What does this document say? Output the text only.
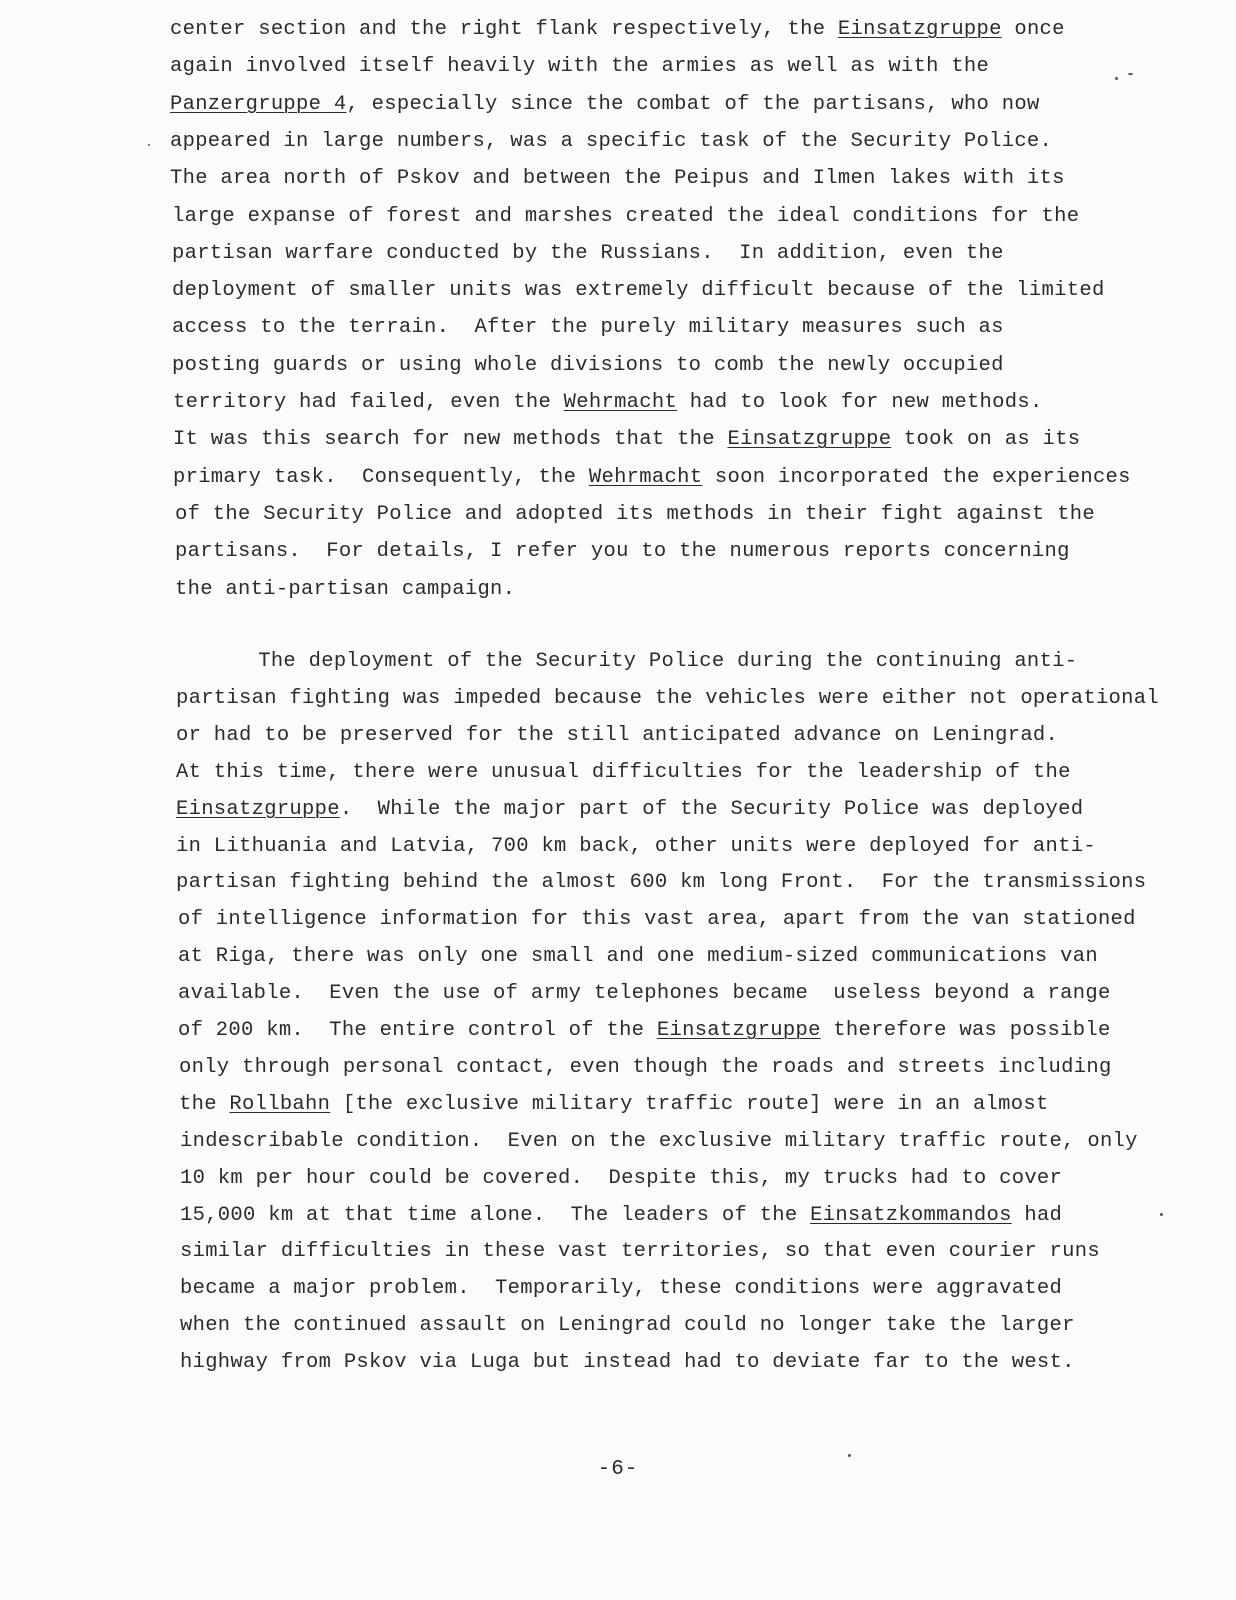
center section and the right flank respectively, the Einsatzgruppe once
again involved itself heavily with the armies as well as with the
Panzergruppe 4, especially since the combat of the partisans, who now
appeared in large numbers, was a specific task of the Security Police.
The area north of Pskov and between the Peipus and Ilmen lakes with its
large expanse of forest and marshes created the ideal conditions for the
partisan warfare conducted by the Russians.  In addition, even the
deployment of smaller units was extremely difficult because of the limited
access to the terrain.  After the purely military measures such as
posting guards or using whole divisions to comb the newly occupied
territory had failed, even the Wehrmacht had to look for new methods.
It was this search for new methods that the Einsatzgruppe took on as its
primary task.  Consequently, the Wehrmacht soon incorporated the experiences
of the Security Police and adopted its methods in their fight against the
partisans.  For details, I refer you to the numerous reports concerning
the anti-partisan campaign.
The deployment of the Security Police during the continuing anti-
partisan fighting was impeded because the vehicles were either not operational
or had to be preserved for the still anticipated advance on Leningrad.
At this time, there were unusual difficulties for the leadership of the
Einsatzgruppe.  While the major part of the Security Police was deployed
in Lithuania and Latvia, 700 km back, other units were deployed for anti-
partisan fighting behind the almost 600 km long Front.  For the transmissions
of intelligence information for this vast area, apart from the van stationed
at Riga, there was only one small and one medium-sized communications van
available.  Even the use of army telephones became  useless beyond a range
of 200 km.  The entire control of the Einsatzgruppe therefore was possible
only through personal contact, even though the roads and streets including
the Rollbahn [the exclusive military traffic route] were in an almost
indescribable condition.  Even on the exclusive military traffic route, only
10 km per hour could be covered.  Despite this, my trucks had to cover
15,000 km at that time alone.  The leaders of the Einsatzkommandos had
similar difficulties in these vast territories, so that even courier runs
became a major problem.  Temporarily, these conditions were aggravated
when the continued assault on Leningrad could no longer take the larger
highway from Pskov via Luga but instead had to deviate far to the west.
-6-
